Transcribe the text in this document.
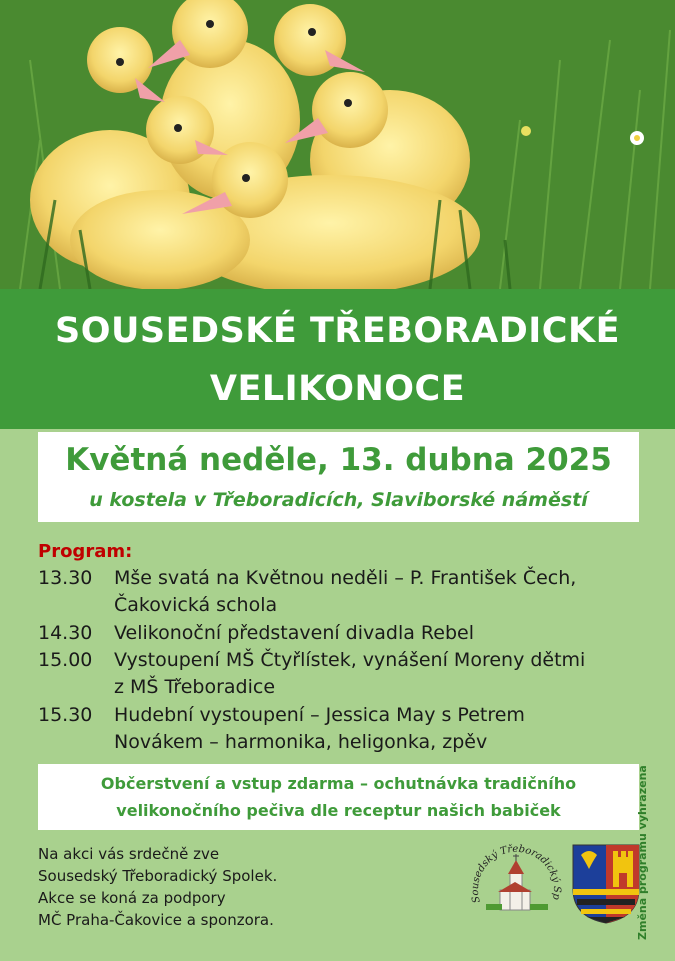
SOUSEDSKÉ TŘEBORADICKÉ
VELIKONOCE
Květná neděle, 13. dubna 2025
u kostela v Třeboradicích, Slaviborské náměstí
Program:
13.30	Mše svatá na Květnou neděli – P. František Čech,
Čakovická schola
14.30	Velikonoční představení divadla Rebel
15.00	Vystoupení MŠ Čtyřlístek, vynášení Moreny dětmi
z MŠ Třeboradice
15.30	Hudební vystoupení – Jessica May s Petrem
Novákem – harmonika, heligonka, zpěv
Občerstvení a vstup zdarma – ochutnávka tradičního
velikonočního pečiva dle receptur našich babiček
Na akci vás srdečně zve
Sousedský Třeboradický Spolek.
Akce se koná za podpory
MČ Praha-Čakovice a sponzora.
Sousedský Třeboradický Sp	Změna programu vyhrazena
